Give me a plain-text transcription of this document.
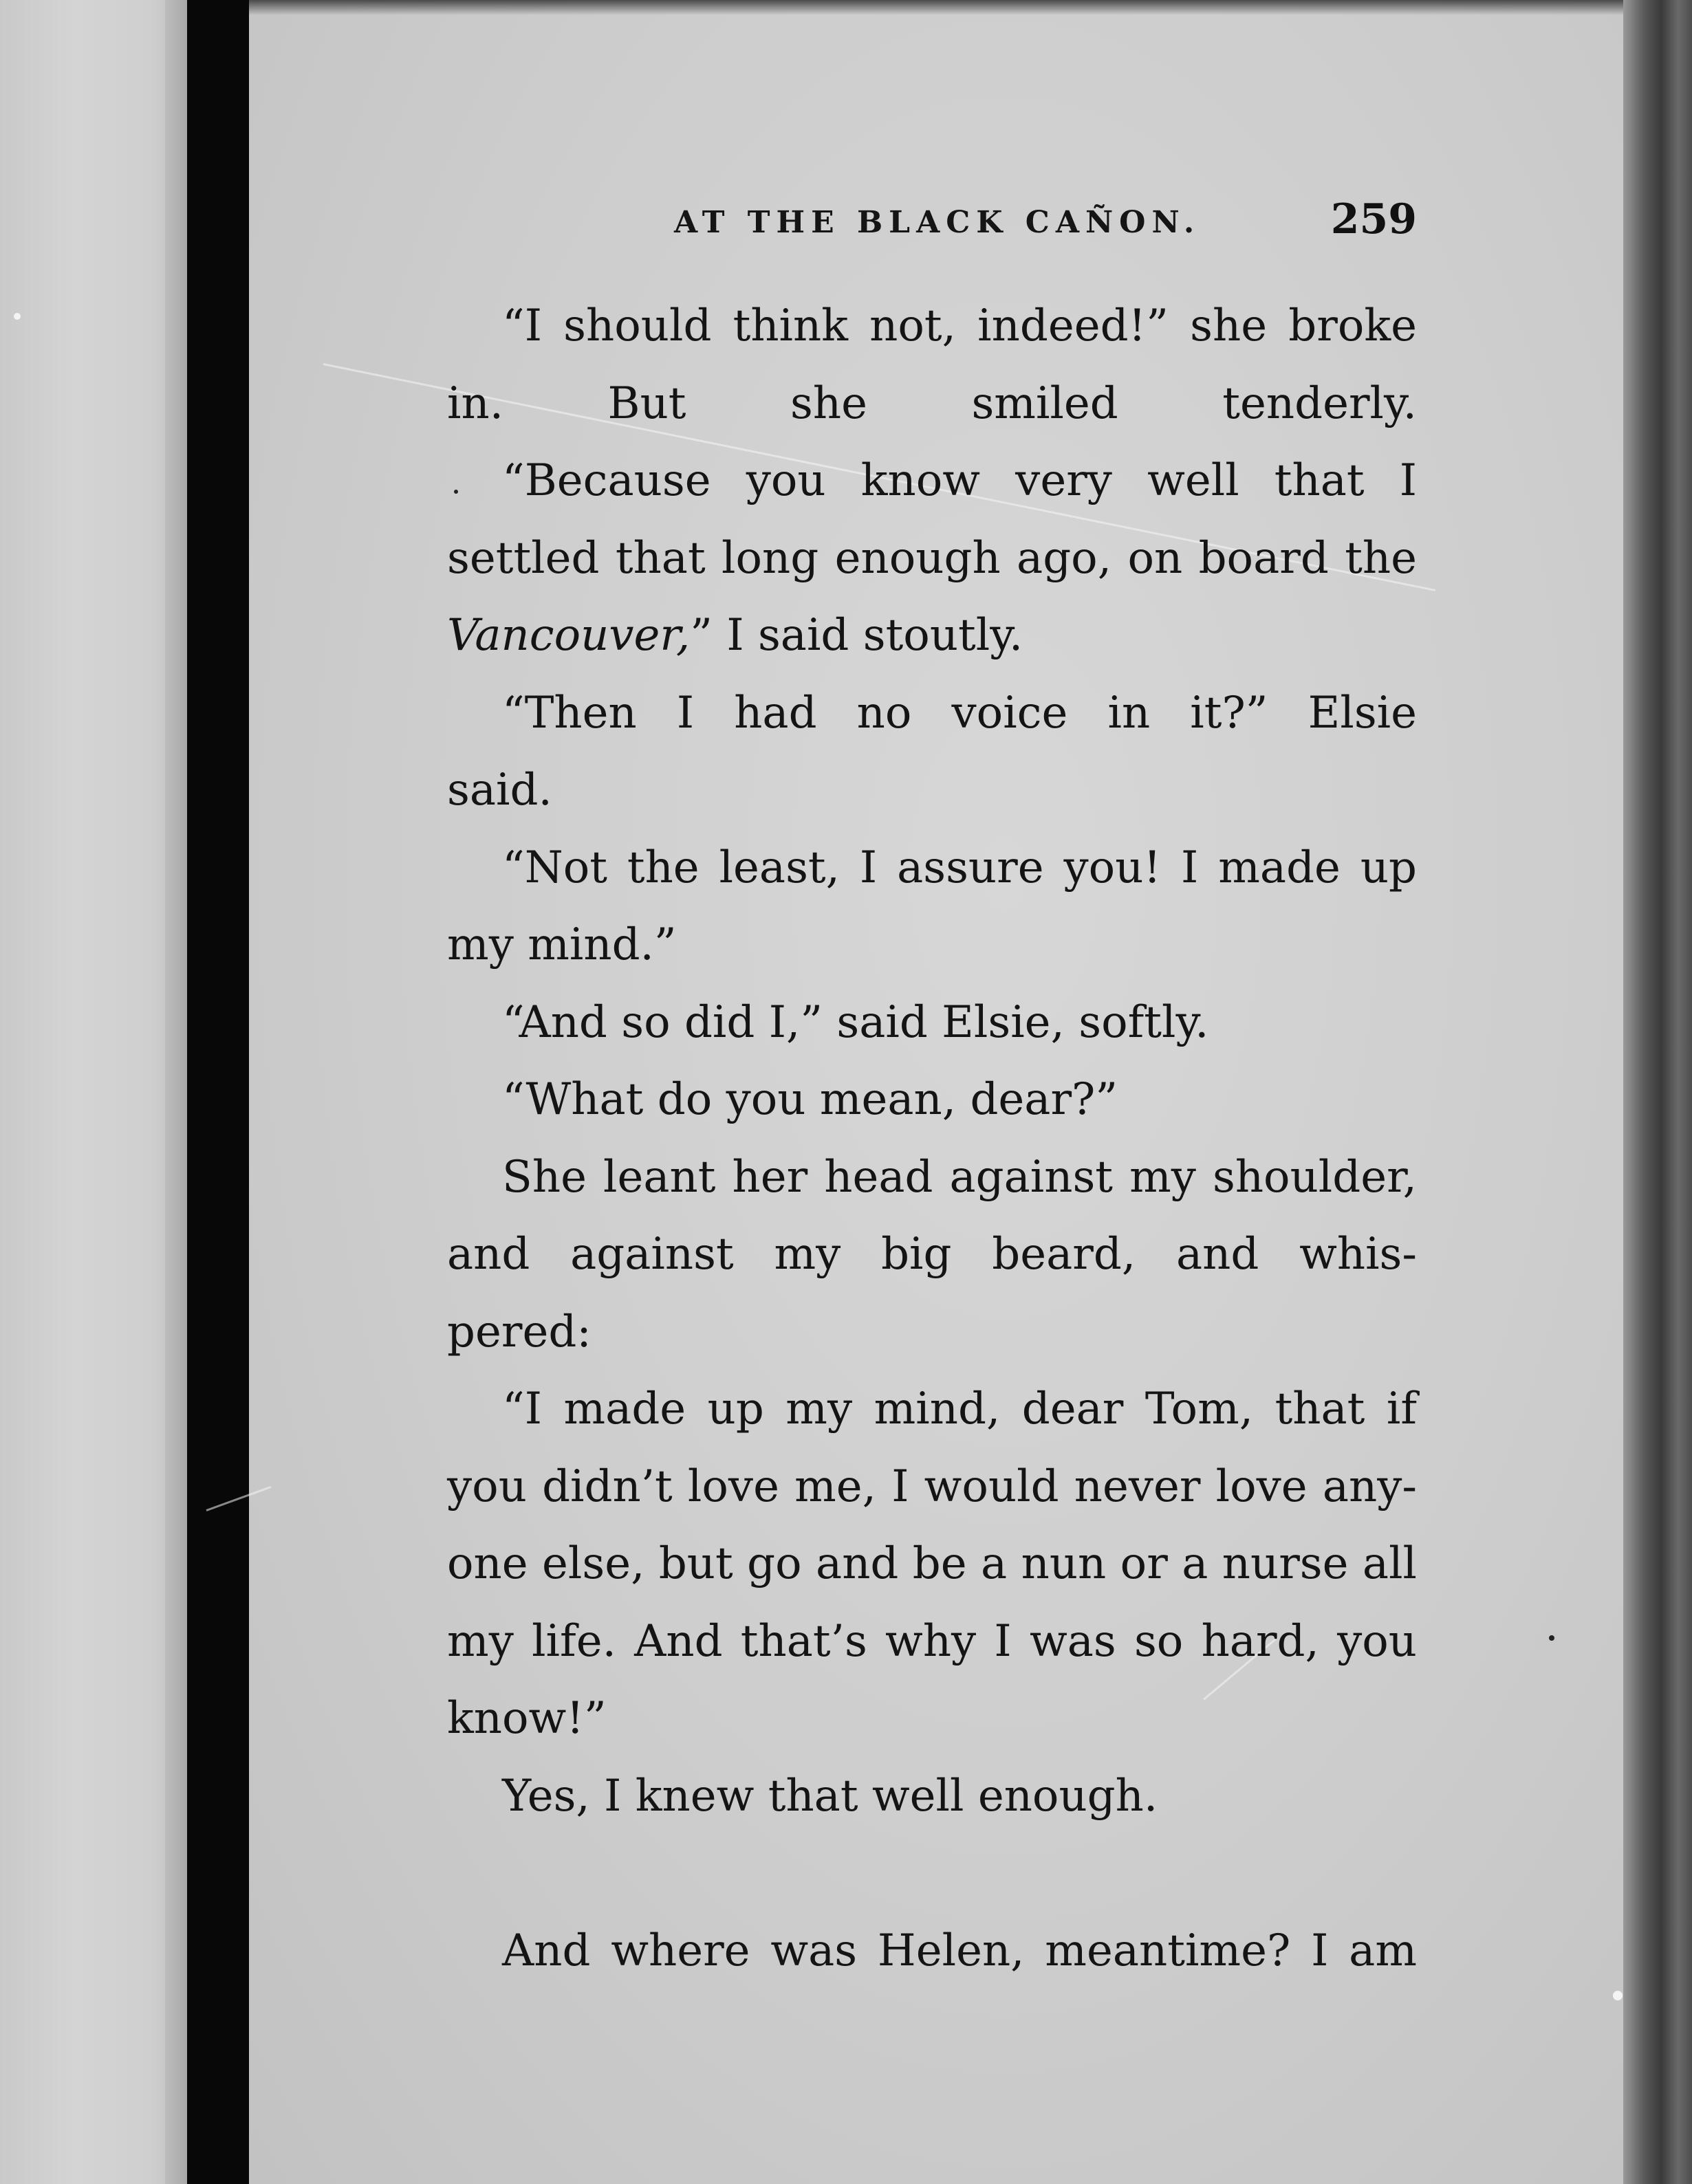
AT THE BLACK CAÑON.	259
“I should think not, indeed!” she broke
in. But she smiled tenderly.
“Because you know very well that I
settled that long enough ago, on board the
Vancouver,” I said stoutly.
“Then I had no voice in it?” Elsie
said.
“Not the least, I assure you! I made up
my mind.”
“And so did I,” said Elsie, softly.
“What do you mean, dear?”
She leant her head against my shoulder,
and against my big beard, and whis-
pered:
“I made up my mind, dear Tom, that if
you didn’t love me, I would never love any-
one else, but go and be a nun or a nurse all
my life. And that’s why I was so hard, you
know!”
Yes, I knew that well enough.
And where was Helen, meantime? I am
